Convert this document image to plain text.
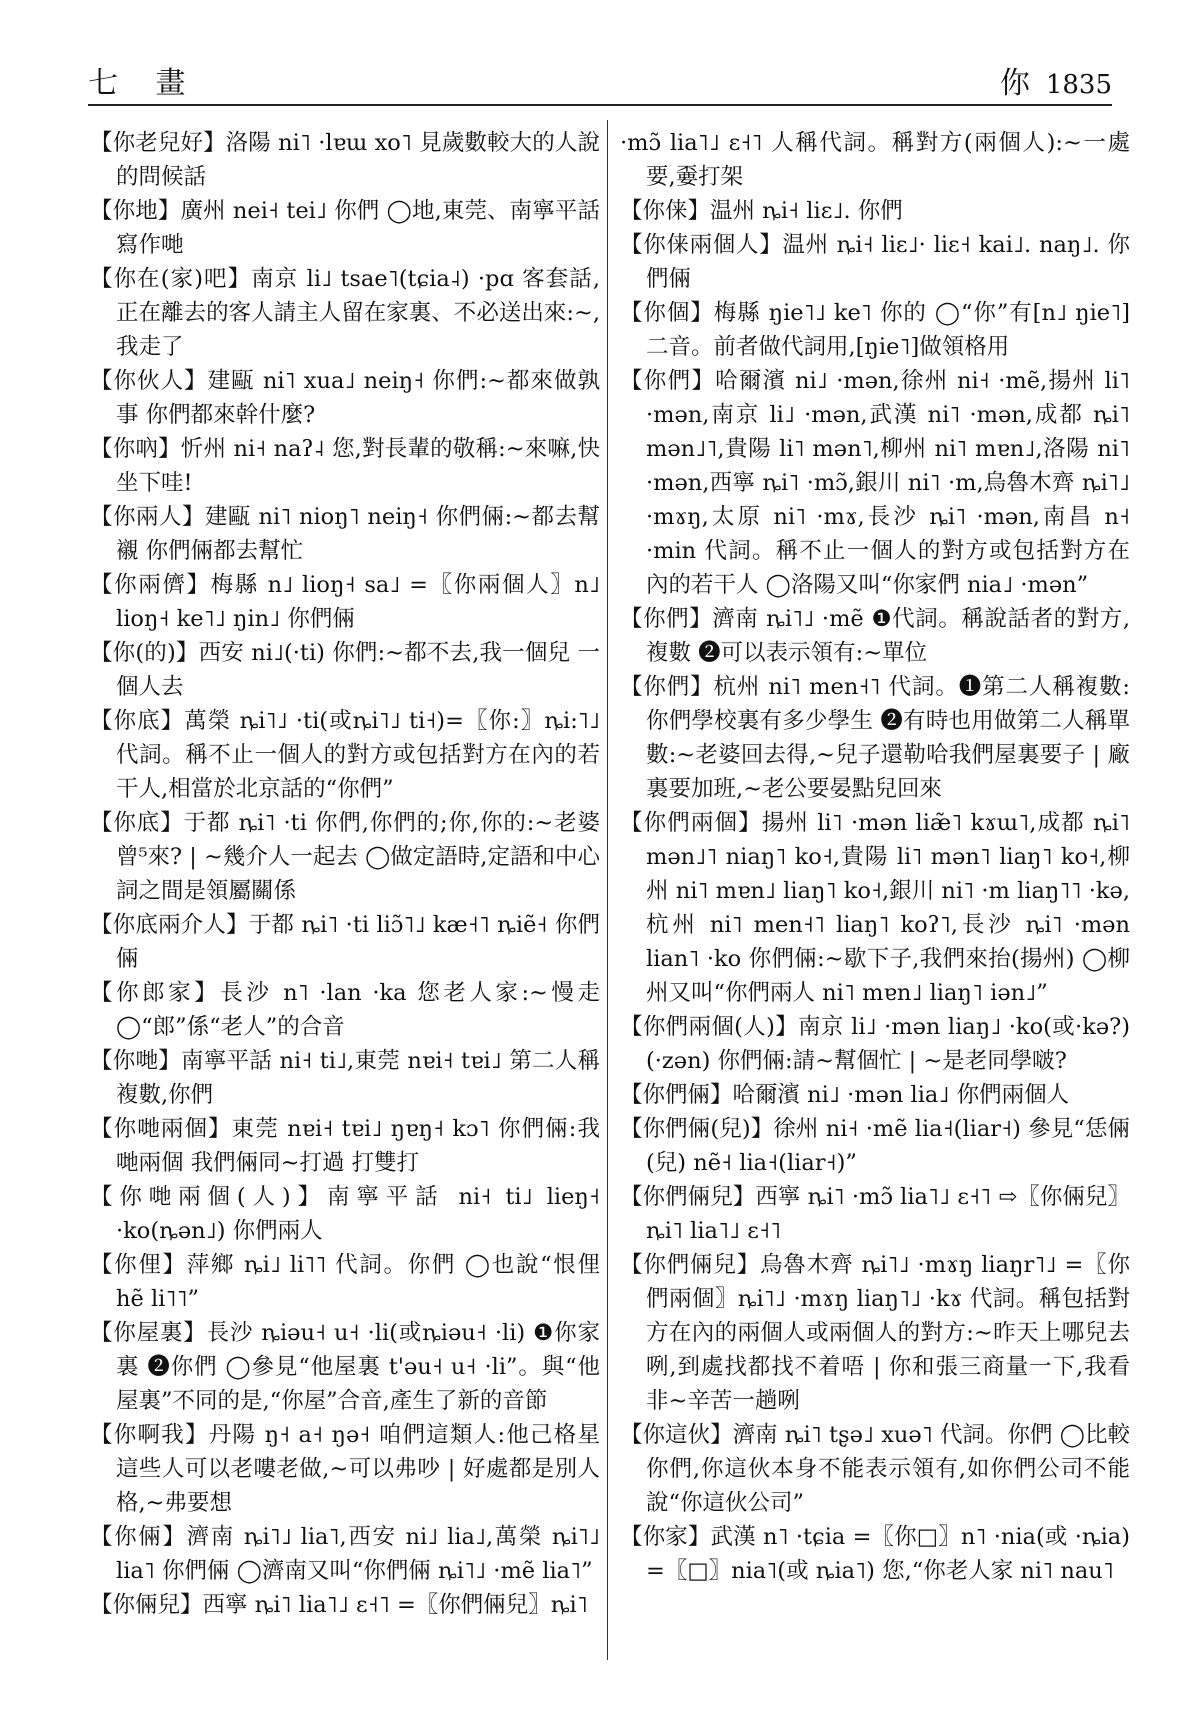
七 畫	你 1835

【你老兒好】洛陽 ni˥ ·lɐɯ xo˥ 見歲數較大的人說的問候話

【你地】廣州 nei˧ tei˩ 你們 ◯地,東莞、南寧平話寫作哋

【你在(家)吧】南京 li˩ tsae˥(tɕia˨) ·pɑ 客套話,正在離去的客人請主人留在家裏、不必送出來:~,我走了

【你伙人】建甌 ni˥ xua˩ neiŋ˧ 你們:~都來做孰事 你們都來幹什麼?

【你吶】忻州 ni˧ naʔ˨ 您,對長輩的敬稱:~來嘛,快坐下哇!

【你兩人】建甌 ni˥ nioŋ˥ neiŋ˧ 你們倆:~都去幫襯 你們倆都去幫忙

【你兩儕】梅縣 n˩ lioŋ˧ sa˩ =〖你兩個人〗n˩ lioŋ˧ ke˥˩ ŋin˩ 你們倆

【你(的)】西安 ni˩(·ti) 你們:~都不去,我一個兒 一個人去

【你底】萬榮 ȵi˥˩ ·ti(或ȵi˥˩ ti˧)=〖你:〗ȵi:˥˩ 代詞。稱不止一個人的對方或包括對方在內的若干人,相當於北京話的“你們”

【你底】于都 ȵi˥ ·ti 你們,你們的;你,你的:~老婆曾⁵來? | ~幾介人一起去 ◯做定語時,定語和中心詞之間是領屬關係

【你底兩介人】于都 ȵi˥ ·ti liɔ̃˥˩ kæ˧˥ ȵiẽ˧ 你們倆

【你郎家】長沙 n˥ ·lan ·ka 您老人家:~慢走 ◯“郎”係“老人”的合音

【你哋】南寧平話 ni˧ ti˩,東莞 nɐi˧ tɐi˩ 第二人稱複數,你們

【你哋兩個】東莞 nɐi˧ tɐi˩ ŋɐŋ˧ kɔ˥ 你們倆:我哋兩個 我們倆同~打過 打雙打

【你哋兩個(人)】南寧平話 ni˧ ti˩ lieŋ˧ ·ko(ȵən˩) 你們兩人

【你俚】萍鄉 ȵi˩ li˥˥ 代詞。你們 ◯也說“恨俚 hẽ li˥˥”

【你屋裏】長沙 ȵiəu˧ u˧ ·li(或ȵiəu˧ ·li) ❶你家裏 ❷你們 ◯參見“他屋裏 t'əu˧ u˧ ·li”。與“他屋裏”不同的是,“你屋”合音,產生了新的音節

【你啊我】丹陽 ŋ˧ a˧ ŋə˧ 咱們這類人:他己格星 這些人可以老嘍老做,~可以弗吵 | 好處都是別人格,~弗要想

【你倆】濟南 ȵi˥˩ lia˥,西安 ni˩ lia˩,萬榮 ȵi˥˩ lia˥ 你們倆 ◯濟南又叫“你們倆 ȵi˥˩ ·mẽ lia˥”

【你倆兒】西寧 ȵi˥ lia˥˩ ɛ˧˥ =〖你們倆兒〗ȵi˥

·mɔ̃ lia˥˩ ɛ˧˥ 人稱代詞。稱對方(兩個人):~一處要,嫑打架

【你俫】温州 ȵi˧ liɛ˩. 你們

【你俫兩個人】温州 ȵi˧ liɛ˩· liɛ˧ kai˩. naŋ˩. 你們倆

【你個】梅縣 ŋie˥˩ ke˥ 你的 ◯“你”有[n˩ ŋie˥]二音。前者做代詞用,[ŋie˥]做領格用

【你們】哈爾濱 ni˩ ·mən,徐州 ni˧ ·mẽ,揚州 li˥ ·mən,南京 li˩ ·mən,武漢 ni˥ ·mən,成都 ȵi˥ mən˩˥,貴陽 li˥ mən˥,柳州 ni˥ mɐn˩,洛陽 ni˥ ·mən,西寧 ȵi˥ ·mɔ̃,銀川 ni˥ ·m,烏魯木齊 ȵi˥˩ ·mɤŋ,太原 ni˥ ·mɤ,長沙 ȵi˥ ·mən,南昌 n˧ ·min 代詞。稱不止一個人的對方或包括對方在內的若干人 ◯洛陽又叫“你家們 nia˩ ·mən”

【你們】濟南 ȵi˥˩ ·mẽ ❶代詞。稱說話者的對方,複數 ❷可以表示領有:~單位

【你們】杭州 ni˥ men˧˥ 代詞。❶第二人稱複數:你們學校裏有多少學生 ❷有時也用做第二人稱單數:~老婆回去得,~兒子還勒哈我們屋裏要子 | 廠裏要加班,~老公要晏點兒回來

【你們兩個】揚州 li˥ ·mən liæ̃˥ kɤɯ˥,成都 ȵi˥ mən˩˥ niaŋ˥ ko˧,貴陽 li˥ mən˥ liaŋ˥ ko˧,柳州 ni˥ mɐn˩ liaŋ˥ ko˧,銀川 ni˥ ·m liaŋ˥˥ ·kə,杭州 ni˥ men˧˥ liaŋ˥ koʔ˥,長沙 ȵi˥ ·mən lian˥ ·ko 你們倆:~歇下子,我們來抬(揚州) ◯柳州又叫“你們兩人 ni˥ mɐn˩ liaŋ˥ iən˩”

【你們兩個(人)】南京 li˩ ·mən liaŋ˩ ·ko(或·kə?)(·zən) 你們倆:請~幫個忙 | ~是老同學啵?

【你們倆】哈爾濱 ni˩ ·mən lia˩ 你們兩個人

【你們倆(兒)】徐州 ni˧ ·mẽ lia˧(liar˧) 參見“恁倆(兒) nẽ˧ lia˧(liar˧)”

【你們倆兒】西寧 ȵi˥ ·mɔ̃ lia˥˩ ɛ˧˥ ⇨〖你倆兒〗ȵi˥ lia˥˩ ɛ˧˥

【你們倆兒】烏魯木齊 ȵi˥˩ ·mɤŋ liaŋr˥˩ =〖你們兩個〗ȵi˥˩ ·mɤŋ liaŋ˥˩ ·kɤ 代詞。稱包括對方在內的兩個人或兩個人的對方:~昨天上哪兒去咧,到處找都找不着唔 | 你和張三商量一下,我看非~辛苦一趟咧

【你這伙】濟南 ȵi˥ tʂə˩ xuə˥ 代詞。你們 ◯比較你們,你這伙本身不能表示領有,如你們公司不能說“你這伙公司”

【你家】武漢 n˥ ·tɕia =〖你□〗n˥ ·nia(或 ·ȵia) =〖□〗nia˥(或 ȵia˥) 您,“你老人家 ni˥ nau˥
